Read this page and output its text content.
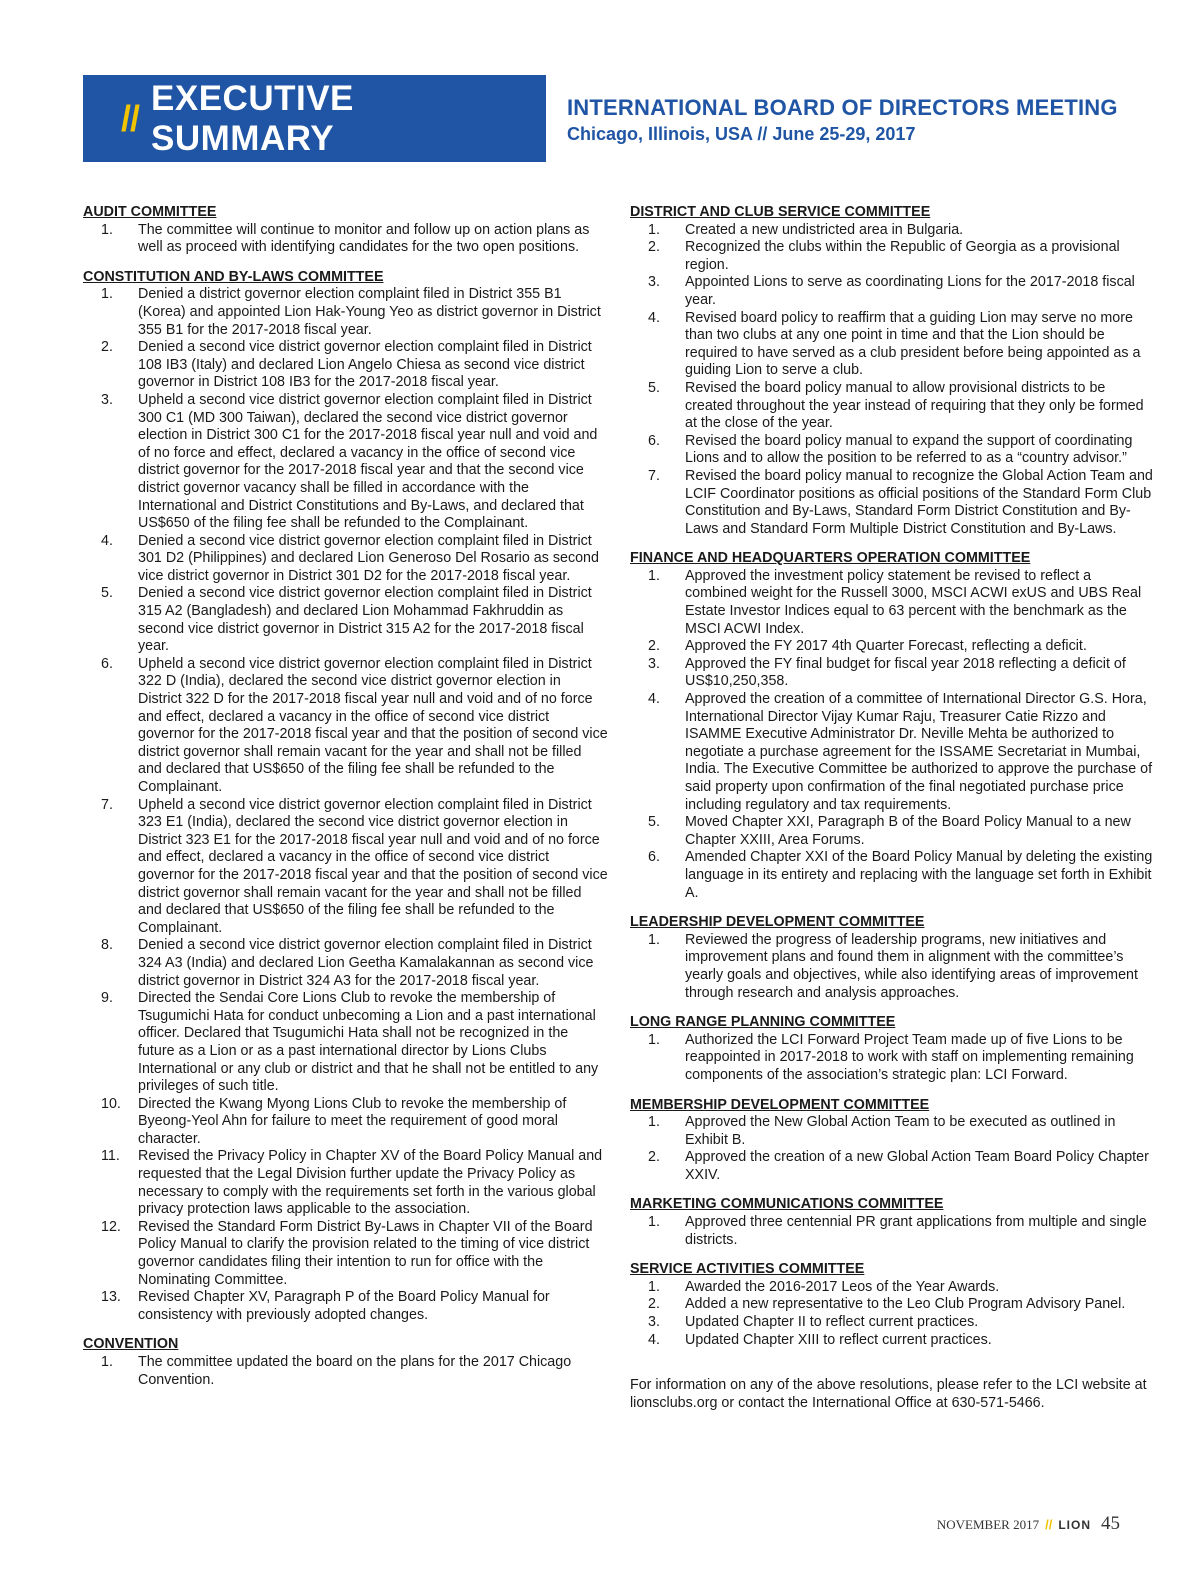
// EXECUTIVE SUMMARY
INTERNATIONAL BOARD OF DIRECTORS MEETING
Chicago, Illinois, USA // June 25-29, 2017
AUDIT COMMITTEE
1.	The committee will continue to monitor and follow up on action plans as well as proceed with identifying candidates for the two open positions.
CONSTITUTION AND BY-LAWS COMMITTEE
1.	Denied a district governor election complaint filed in District 355 B1 (Korea) and appointed Lion Hak-Young Yeo as district governor in District 355 B1 for the 2017-2018 fiscal year.
2.	Denied a second vice district governor election complaint filed in District 108 IB3 (Italy) and declared Lion Angelo Chiesa as second vice district governor in District 108 IB3 for the 2017-2018 fiscal year.
3.	Upheld a second vice district governor election complaint filed in District 300 C1 (MD 300 Taiwan), declared the second vice district governor election in District 300 C1 for the 2017-2018 fiscal year null and void and of no force and effect, declared a vacancy in the office of second vice district governor for the 2017-2018 fiscal year and that the second vice district governor vacancy shall be filled in accordance with the International and District Constitutions and By-Laws, and declared that US$650 of the filing fee shall be refunded to the Complainant.
4.	Denied a second vice district governor election complaint filed in District 301 D2 (Philippines) and declared Lion Generoso Del Rosario as second vice district governor in District 301 D2 for the 2017-2018 fiscal year.
5.	Denied a second vice district governor election complaint filed in District 315 A2 (Bangladesh) and declared Lion Mohammad Fakhruddin as second vice district governor in District 315 A2 for the 2017-2018 fiscal year.
6.	Upheld a second vice district governor election complaint filed in District 322 D (India), declared the second vice district governor election in District 322 D for the 2017-2018 fiscal year null and void and of no force and effect, declared a vacancy in the office of second vice district governor for the 2017-2018 fiscal year and that the position of second vice district governor shall remain vacant for the year and shall not be filled and declared that US$650 of the filing fee shall be refunded to the Complainant.
7.	Upheld a second vice district governor election complaint filed in District 323 E1 (India), declared the second vice district governor election in District 323 E1 for the 2017-2018 fiscal year null and void and of no force and effect, declared a vacancy in the office of second vice district governor for the 2017-2018 fiscal year and that the position of second vice district governor shall remain vacant for the year and shall not be filled and declared that US$650 of the filing fee shall be refunded to the Complainant.
8.	Denied a second vice district governor election complaint filed in District 324 A3 (India) and declared Lion Geetha Kamalakannan as second vice district governor in District 324 A3 for the 2017-2018 fiscal year.
9.	Directed the Sendai Core Lions Club to revoke the membership of Tsugumichi Hata for conduct unbecoming a Lion and a past international officer. Declared that Tsugumichi Hata shall not be recognized in the future as a Lion or as a past international director by Lions Clubs International or any club or district and that he shall not be entitled to any privileges of such title.
10.	Directed the Kwang Myong Lions Club to revoke the membership of Byeong-Yeol Ahn for failure to meet the requirement of good moral character.
11.	Revised the Privacy Policy in Chapter XV of the Board Policy Manual and requested that the Legal Division further update the Privacy Policy as necessary to comply with the requirements set forth in the various global privacy protection laws applicable to the association.
12.	Revised the Standard Form District By-Laws in Chapter VII of the Board Policy Manual to clarify the provision related to the timing of vice district governor candidates filing their intention to run for office with the Nominating Committee.
13.	Revised Chapter XV, Paragraph P of the Board Policy Manual for consistency with previously adopted changes.
CONVENTION
1.	The committee updated the board on the plans for the 2017 Chicago Convention.
DISTRICT AND CLUB SERVICE COMMITTEE
1.	Created a new undistricted area in Bulgaria.
2.	Recognized the clubs within the Republic of Georgia as a provisional region.
3.	Appointed Lions to serve as coordinating Lions for the 2017-2018 fiscal year.
4.	Revised board policy to reaffirm that a guiding Lion may serve no more than two clubs at any one point in time and that the Lion should be required to have served as a club president before being appointed as a guiding Lion to serve a club.
5.	Revised the board policy manual to allow provisional districts to be created throughout the year instead of requiring that they only be formed at the close of the year.
6.	Revised the board policy manual to expand the support of coordinating Lions and to allow the position to be referred to as a “country advisor.”
7.	Revised the board policy manual to recognize the Global Action Team and LCIF Coordinator positions as official positions of the Standard Form Club Constitution and By-Laws, Standard Form District Constitution and By-Laws and Standard Form Multiple District Constitution and By-Laws.
FINANCE AND HEADQUARTERS OPERATION COMMITTEE
1.	Approved the investment policy statement be revised to reflect a combined weight for the Russell 3000, MSCI ACWI exUS and UBS Real Estate Investor Indices equal to 63 percent with the benchmark as the MSCI ACWI Index.
2.	Approved the FY 2017 4th Quarter Forecast, reflecting a deficit.
3.	Approved the FY final budget for fiscal year 2018 reflecting a deficit of US$10,250,358.
4.	Approved the creation of a committee of International Director G.S. Hora, International Director Vijay Kumar Raju, Treasurer Catie Rizzo and ISAMME Executive Administrator Dr. Neville Mehta be authorized to negotiate a purchase agreement for the ISSAME Secretariat in Mumbai, India. The Executive Committee be authorized to approve the purchase of said property upon confirmation of the final negotiated purchase price including regulatory and tax requirements.
5.	Moved Chapter XXI, Paragraph B of the Board Policy Manual to a new Chapter XXIII, Area Forums.
6.	Amended Chapter XXI of the Board Policy Manual by deleting the existing language in its entirety and replacing with the language set forth in Exhibit A.
LEADERSHIP DEVELOPMENT COMMITTEE
1.	Reviewed the progress of leadership programs, new initiatives and improvement plans and found them in alignment with the committee’s yearly goals and objectives, while also identifying areas of improvement through research and analysis approaches.
LONG RANGE PLANNING COMMITTEE
1.	Authorized the LCI Forward Project Team made up of five Lions to be reappointed in 2017-2018 to work with staff on implementing remaining components of the association’s strategic plan: LCI Forward.
MEMBERSHIP DEVELOPMENT COMMITTEE
1.	Approved the New Global Action Team to be executed as outlined in Exhibit B.
2.	Approved the creation of a new Global Action Team Board Policy Chapter XXIV.
MARKETING COMMUNICATIONS COMMITTEE
1.	Approved three centennial PR grant applications from multiple and single districts.
SERVICE ACTIVITIES COMMITTEE
1.	Awarded the 2016-2017 Leos of the Year Awards.
2.	Added a new representative to the Leo Club Program Advisory Panel.
3.	Updated Chapter II to reflect current practices.
4.	Updated Chapter XIII to reflect current practices.
For information on any of the above resolutions, please refer to the LCI website at lionsclubs.org or contact the International Office at 630-571-5466.
NOVEMBER 2017 // LION 45
